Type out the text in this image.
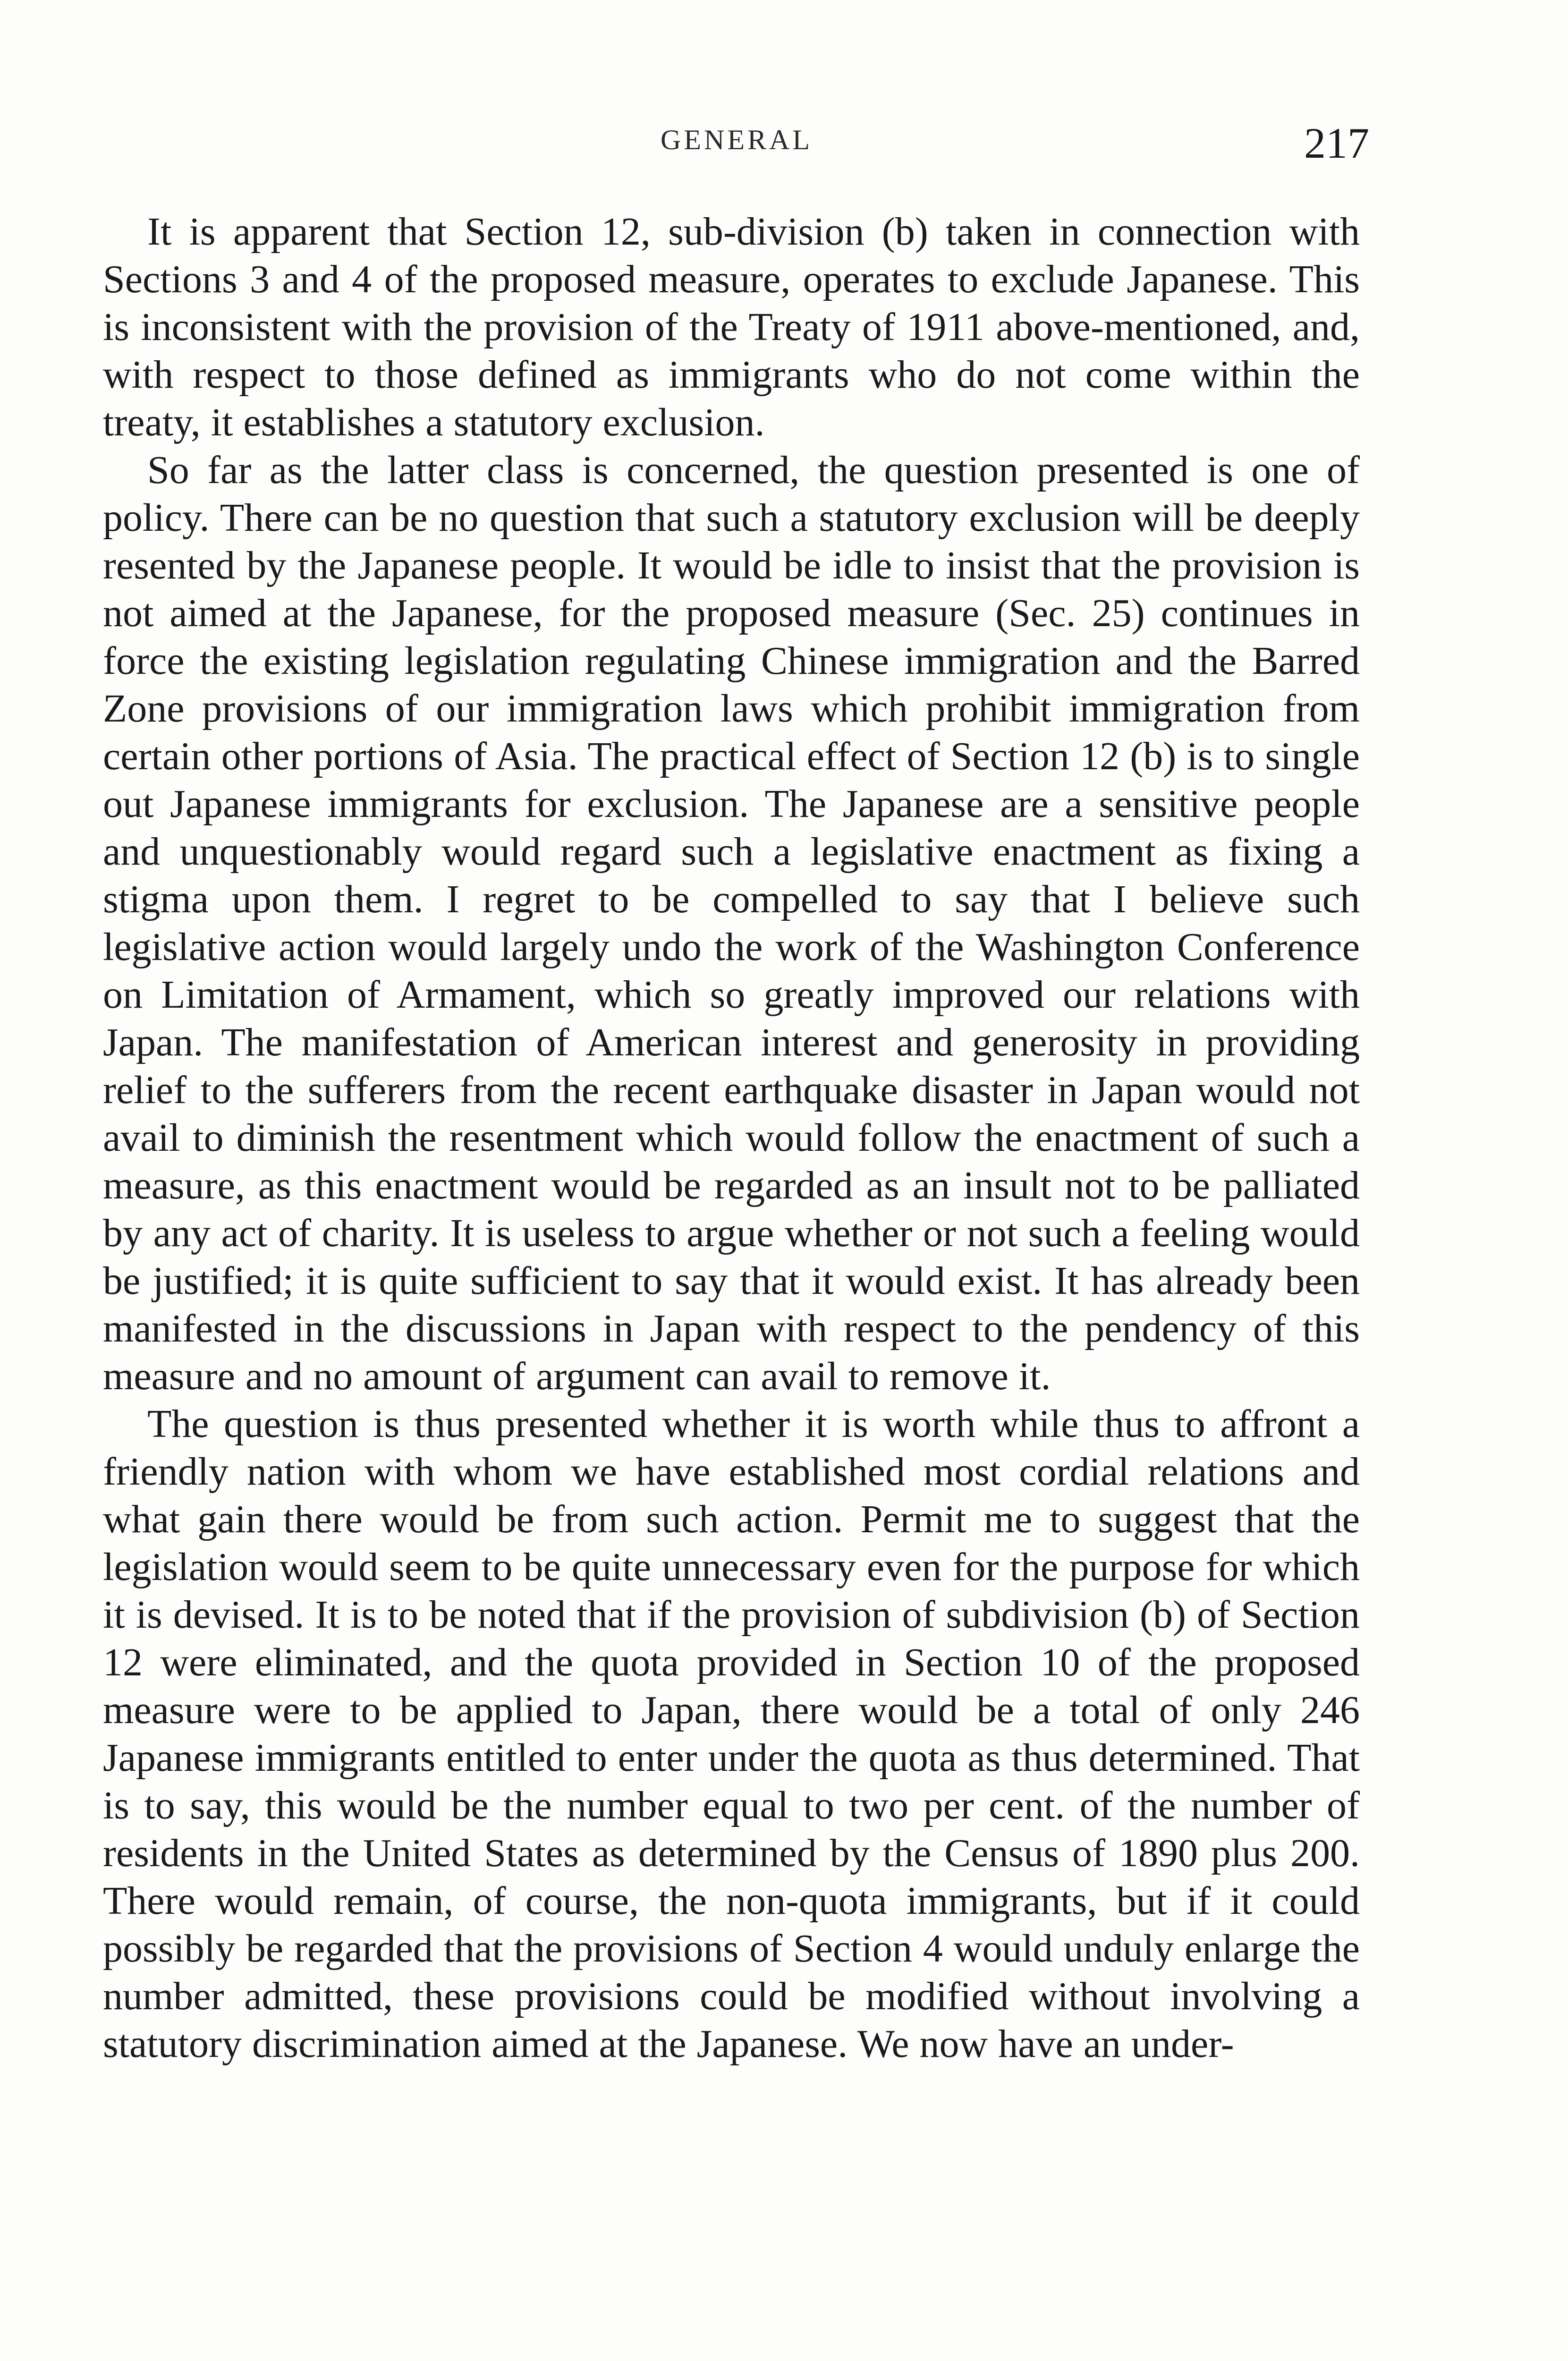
GENERAL	217

It is apparent that Section 12, sub-division (b) taken in connection with Sections 3 and 4 of the proposed measure, operates to exclude Japanese. This is inconsistent with the provision of the Treaty of 1911 above-mentioned, and, with respect to those defined as immigrants who do not come within the treaty, it establishes a statutory exclusion.

So far as the latter class is concerned, the question presented is one of policy. There can be no question that such a statutory exclusion will be deeply resented by the Japanese people. It would be idle to insist that the provision is not aimed at the Japanese, for the proposed measure (Sec. 25) continues in force the existing legislation regulating Chinese immigration and the Barred Zone provisions of our immigration laws which prohibit immigration from certain other portions of Asia. The practical effect of Section 12 (b) is to single out Japanese immigrants for exclusion. The Japanese are a sensitive people and unquestionably would regard such a legislative enactment as fixing a stigma upon them. I regret to be compelled to say that I believe such legislative action would largely undo the work of the Washington Conference on Limitation of Armament, which so greatly improved our relations with Japan. The manifestation of American interest and generosity in providing relief to the sufferers from the recent earthquake disaster in Japan would not avail to diminish the resentment which would follow the enactment of such a measure, as this enactment would be regarded as an insult not to be palliated by any act of charity. It is useless to argue whether or not such a feeling would be justified; it is quite sufficient to say that it would exist. It has already been manifested in the discussions in Japan with respect to the pendency of this measure and no amount of argument can avail to remove it.

The question is thus presented whether it is worth while thus to affront a friendly nation with whom we have established most cordial relations and what gain there would be from such action. Permit me to suggest that the legislation would seem to be quite unnecessary even for the purpose for which it is devised. It is to be noted that if the provision of subdivision (b) of Section 12 were eliminated, and the quota provided in Section 10 of the proposed measure were to be applied to Japan, there would be a total of only 246 Japanese immigrants entitled to enter under the quota as thus determined. That is to say, this would be the number equal to two per cent. of the number of residents in the United States as determined by the Census of 1890 plus 200. There would remain, of course, the non-quota immigrants, but if it could possibly be regarded that the provisions of Section 4 would unduly enlarge the number admitted, these provisions could be modified without involving a statutory discrimination aimed at the Japanese. We now have an under-
